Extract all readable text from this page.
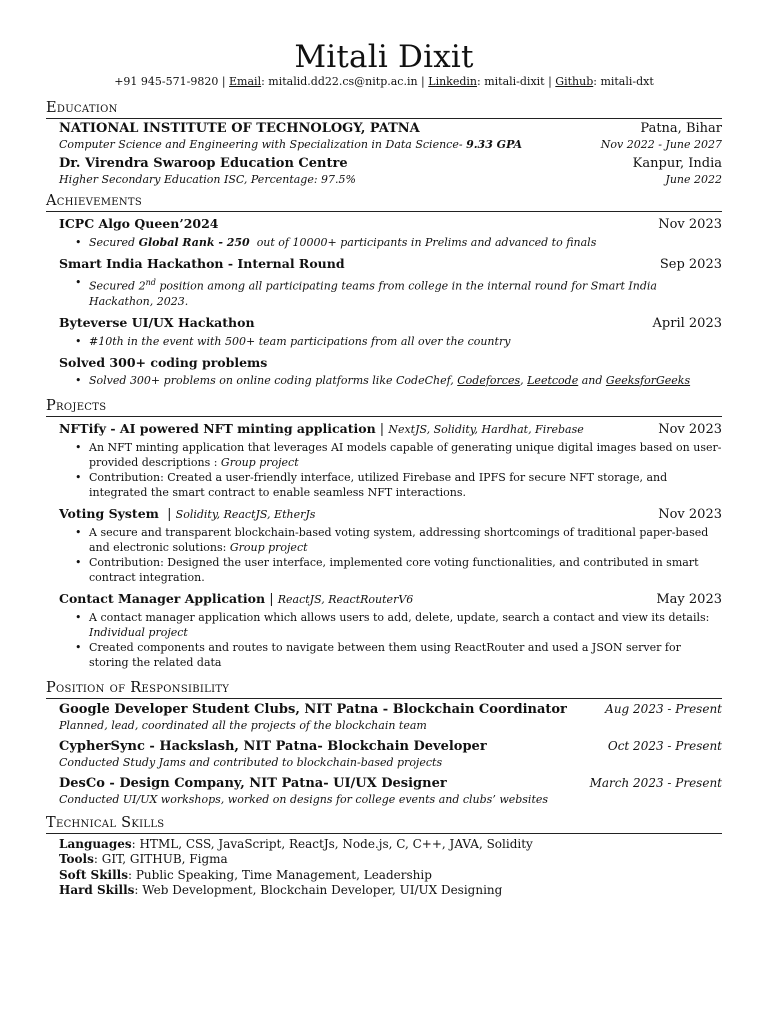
Mitali Dixit
+91 945-571-9820 | Email: mitalid.dd22.cs@nitp.ac.in | Linkedin: mitali-dixit | Github: mitali-dxt
Education
NATIONAL INSTITUTE OF TECHNOLOGY, PATNA	Patna, Bihar
Computer Science and Engineering with Specialization in Data Science- 9.33 GPA	Nov 2022 - June 2027
Dr. Virendra Swaroop Education Centre	Kanpur, India
Higher Secondary Education ISC, Percentage: 97.5%	June 2022
Achievements
ICPC Algo Queen’2024	Nov 2023
• Secured Global Rank - 250 out of 10000+ participants in Prelims and advanced to finals
Smart India Hackathon - Internal Round	Sep 2023
• Secured 2nd position among all participating teams from college in the internal round for Smart India Hackathon, 2023.
Byteverse UI/UX Hackathon	April 2023
• #10th in the event with 500+ team participations from all over the country
Solved 300+ coding problems
• Solved 300+ problems on online coding platforms like CodeChef, Codeforces, Leetcode and GeeksforGeeks
Projects
NFTify - AI powered NFT minting application | NextJS, Solidity, Hardhat, Firebase	Nov 2023
• An NFT minting application that leverages AI models capable of generating unique digital images based on user-provided descriptions : Group project
• Contribution: Created a user-friendly interface, utilized Firebase and IPFS for secure NFT storage, and integrated the smart contract to enable seamless NFT interactions.
Voting System  | Solidity, ReactJS, EtherJs	Nov 2023
• A secure and transparent blockchain-based voting system, addressing shortcomings of traditional paper-based and electronic solutions: Group project
• Contribution: Designed the user interface, implemented core voting functionalities, and contributed in smart contract integration.
Contact Manager Application | ReactJS, ReactRouterV6	May 2023
• A contact manager application which allows users to add, delete, update, search a contact and view its details: Individual project
• Created components and routes to navigate between them using ReactRouter and used a JSON server for storing the related data
Position of Responsibility
Google Developer Student Clubs, NIT Patna - Blockchain Coordinator	Aug 2023 - Present
Planned, lead, coordinated all the projects of the blockchain team
CypherSync - Hackslash, NIT Patna- Blockchain Developer	Oct 2023 - Present
Conducted Study Jams and contributed to blockchain-based projects
DesCo - Design Company, NIT Patna- UI/UX Designer	March 2023 - Present
Conducted UI/UX workshops, worked on designs for college events and clubs’ websites
Technical Skills
Languages: HTML, CSS, JavaScript, ReactJs, Node.js, C, C++, JAVA, Solidity
Tools: GIT, GITHUB, Figma
Soft Skills: Public Speaking, Time Management, Leadership
Hard Skills: Web Development, Blockchain Developer, UI/UX Designing
